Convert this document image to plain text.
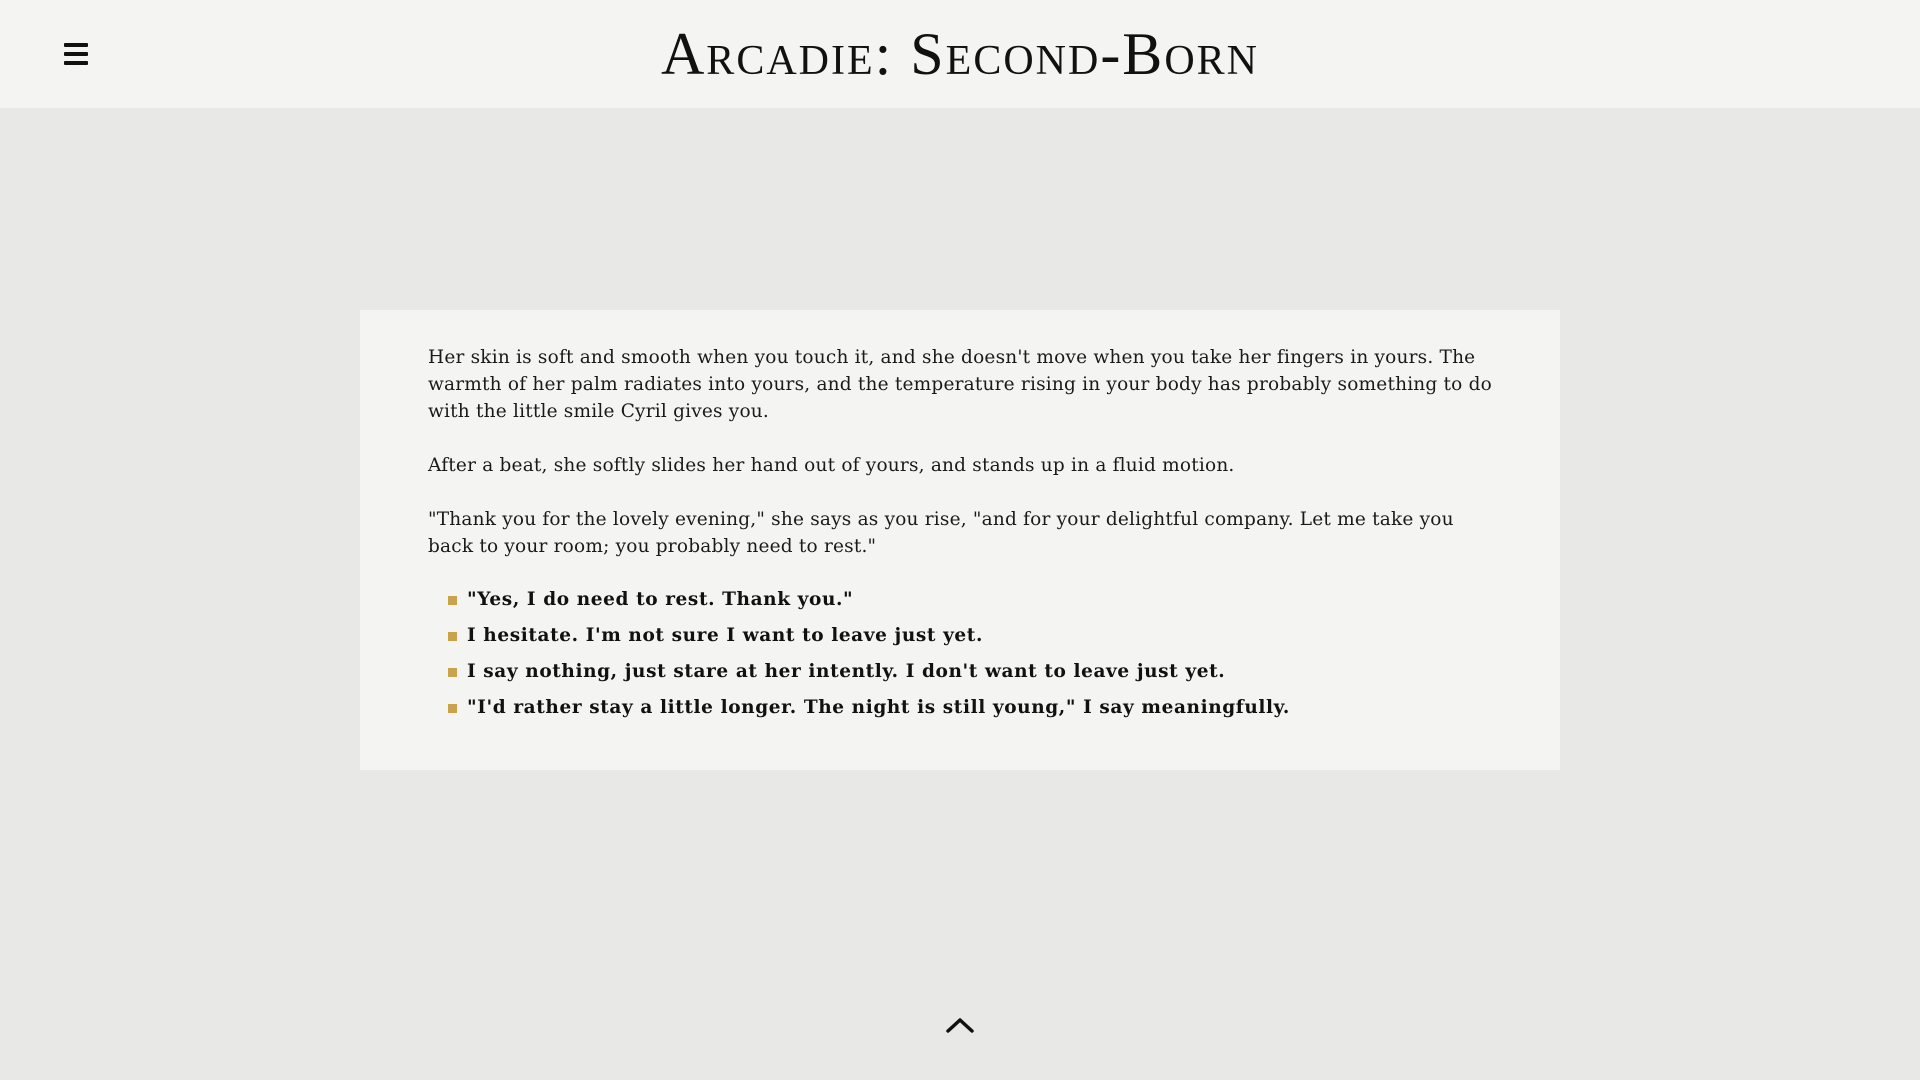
Arcadie: Second-Born

Her skin is soft and smooth when you touch it, and she doesn't move when you take her fingers in yours. The warmth of her palm radiates into yours, and the temperature rising in your body has probably something to do with the little smile Cyril gives you.

After a beat, she softly slides her hand out of yours, and stands up in a fluid motion.

"Thank you for the lovely evening," she says as you rise, "and for your delightful company. Let me take you back to your room; you probably need to rest."

"Yes, I do need to rest. Thank you."
I hesitate. I'm not sure I want to leave just yet.
I say nothing, just stare at her intently. I don't want to leave just yet.
"I'd rather stay a little longer. The night is still young," I say meaningfully.
